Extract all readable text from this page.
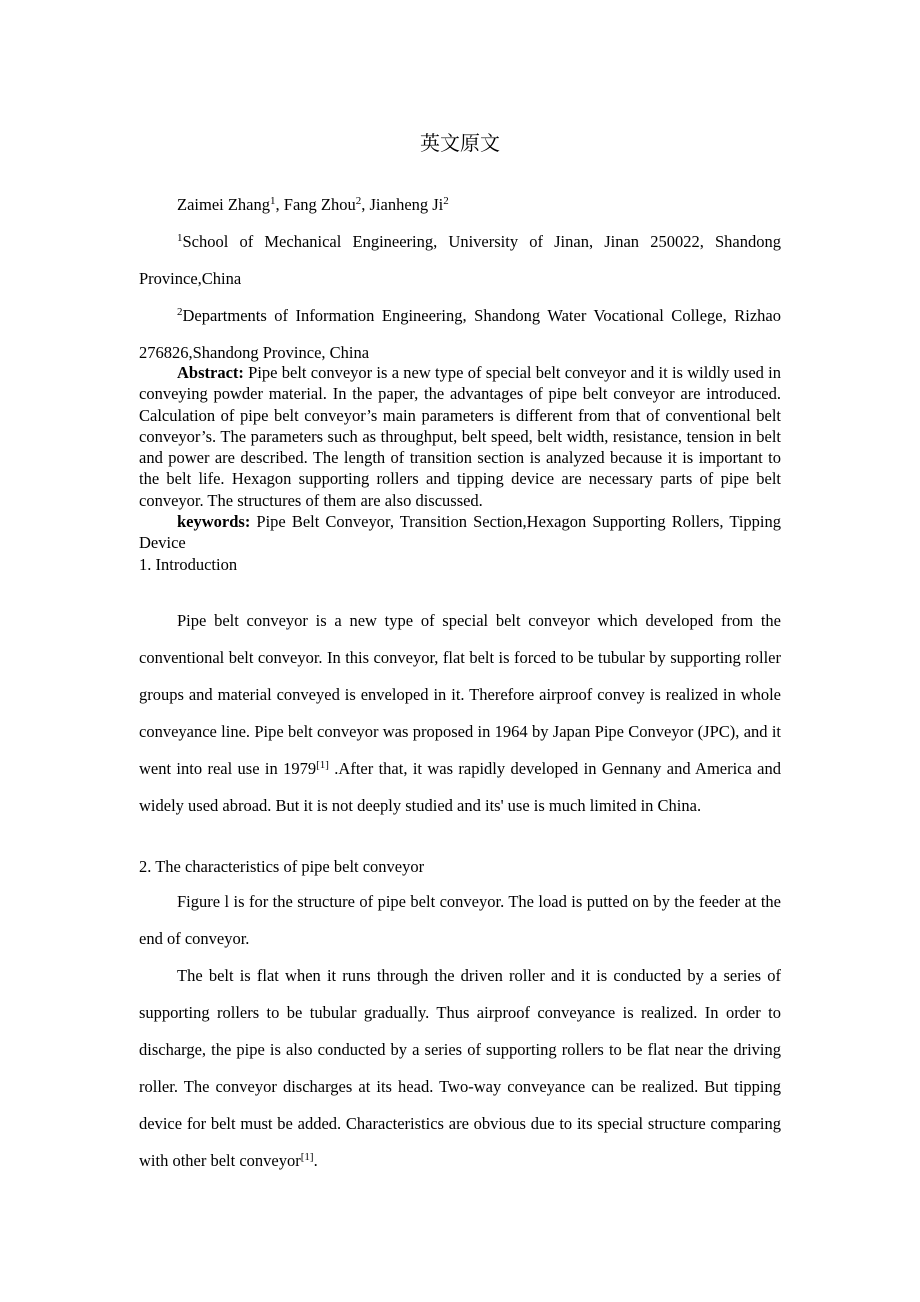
英文原文

Zaimei Zhang$^1$, Fang Zhou$^2$, Jianheng Ji$^2$

$^1$School of Mechanical Engineering, University of Jinan, Jinan 250022, Shandong Province,China

$^2$Departments of Information Engineering, Shandong Water Vocational College, Rizhao 276826,Shandong Province, China

Abstract: Pipe belt conveyor is a new type of special belt conveyor and it is wildly used in conveying powder material. In the paper, the advantages of pipe belt conveyor are introduced. Calculation of pipe belt conveyor’s main parameters is different from that of conventional belt conveyor’s. The parameters such as throughput, belt speed, belt width, resistance, tension in belt and power are described. The length of transition section is analyzed because it is important to the belt life. Hexagon supporting rollers and tipping device are necessary parts of pipe belt conveyor. The structures of them are also discussed.

keywords: Pipe Belt Conveyor, Transition Section,Hexagon Supporting Rollers, Tipping Device

1. Introduction

Pipe belt conveyor is a new type of special belt conveyor which developed from the conventional belt conveyor. In this conveyor, flat belt is forced to be tubular by supporting roller groups and material conveyed is enveloped in it. Therefore airproof convey is realized in whole conveyance line. Pipe belt conveyor was proposed in 1964 by Japan Pipe Conveyor (JPC), and it went into real use in 1979[1] .After that, it was rapidly developed in Gennany and America and widely used abroad. But it is not deeply studied and its' use is much limited in China.

2. The characteristics of pipe belt conveyor

Figure l is for the structure of pipe belt conveyor. The load is putted on by the feeder at the end of conveyor.

The belt is flat when it runs through the driven roller and it is conducted by a series of supporting rollers to be tubular gradually. Thus airproof conveyance is realized. In order to discharge, the pipe is also conducted by a series of supporting rollers to be flat near the driving roller. The conveyor discharges at its head. Two-way conveyance can be realized. But tipping device for belt must be added. Characteristics are obvious due to its special structure comparing with other belt conveyor[1].
